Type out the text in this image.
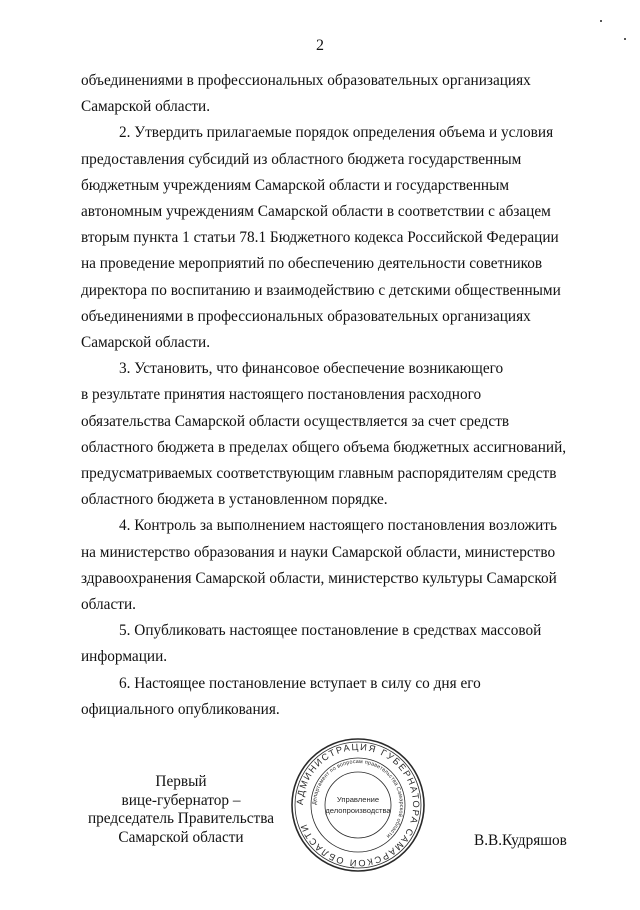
2

объединениями в профессиональных образовательных организациях
Самарской области.

2. Утвердить прилагаемые порядок определения объема и условия
предоставления субсидий из областного бюджета государственным
бюджетным учреждениям Самарской области и государственным
автономным учреждениям Самарской области в соответствии с абзацем
вторым пункта 1 статьи 78.1 Бюджетного кодекса Российской Федерации
на проведение мероприятий по обеспечению деятельности советников
директора по воспитанию и взаимодействию с детскими общественными
объединениями в профессиональных образовательных организациях
Самарской области.

3. Установить, что финансовое обеспечение возникающего
в результате принятия настоящего постановления расходного
обязательства Самарской области осуществляется за счет средств
областного бюджета в пределах общего объема бюджетных ассигнований,
предусматриваемых соответствующим главным распорядителям средств
областного бюджета в установленном порядке.

4. Контроль за выполнением настоящего постановления возложить
на министерство образования и науки Самарской области, министерство
здравоохранения Самарской области, министерство культуры Самарской
области.

5. Опубликовать настоящее постановление в средствах массовой
информации.

6. Настоящее постановление вступает в силу со дня его
официального опубликования.

Первый
вице-губернатор –
председатель Правительства
Самарской области
АДМИНИСТРАЦИЯ ГУБЕРНАТОРА САМАРСКОЙ ОБЛАСТИ
Департамент по вопросам правительства Самарской области
Управление
делопроизводства
В.В.Кудряшов
